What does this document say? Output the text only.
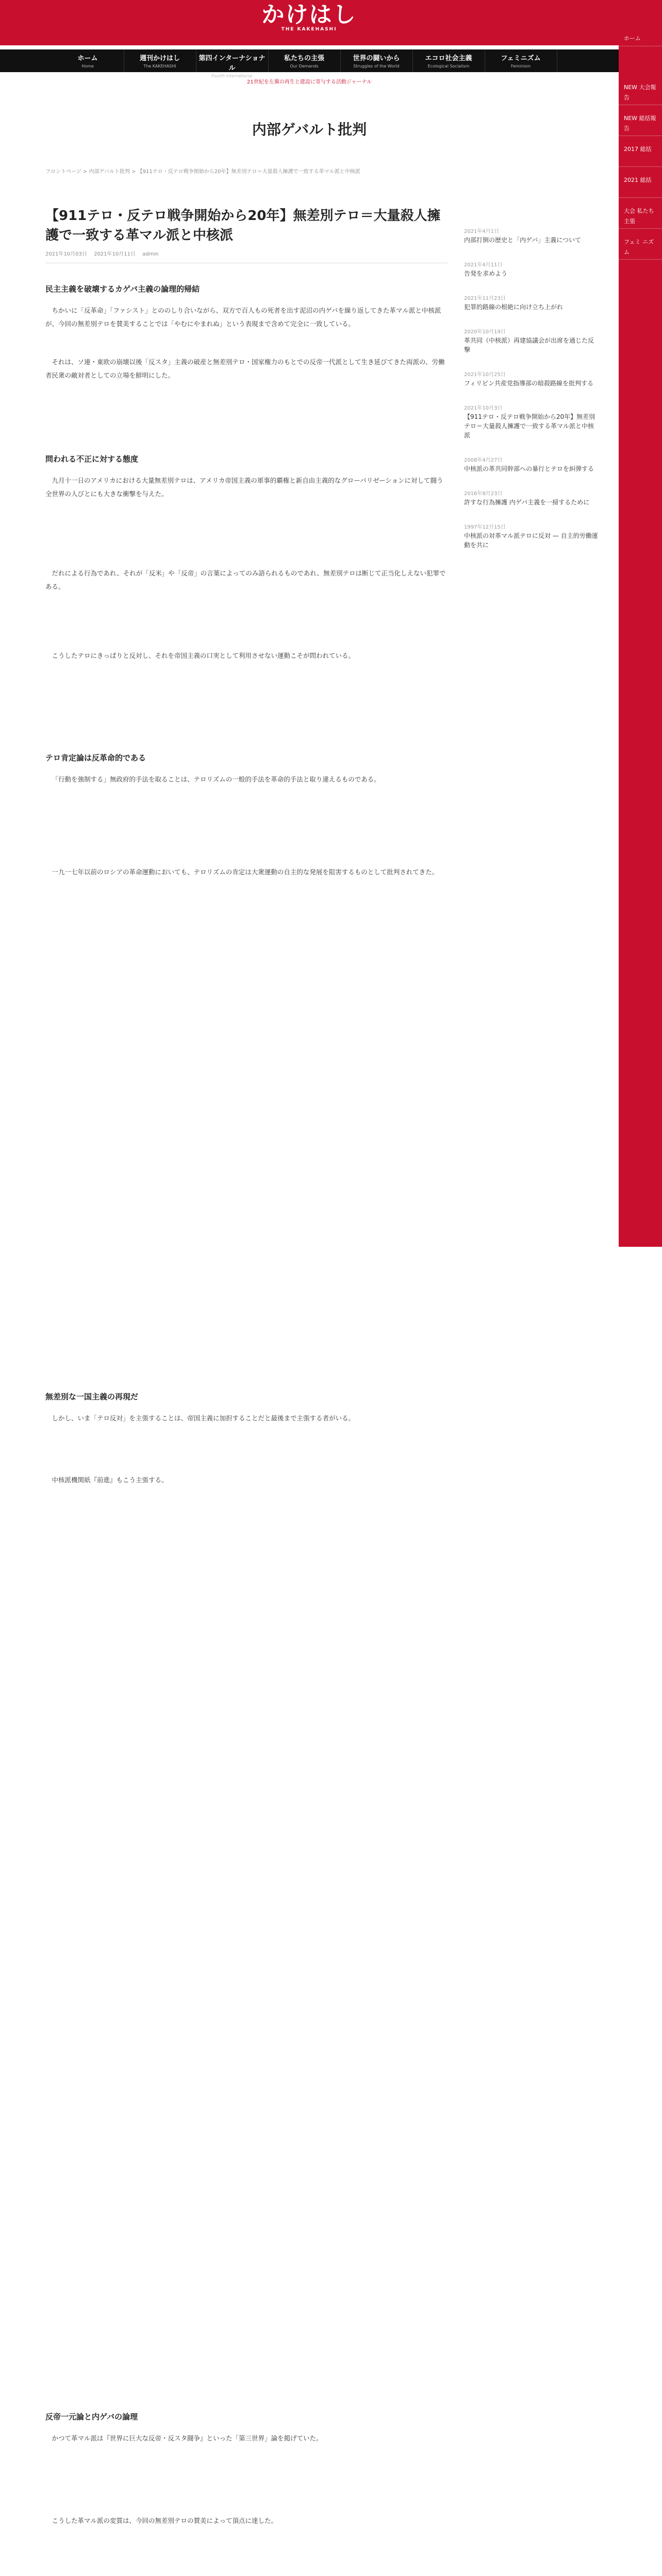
かけはし
THE KAKEHASHI
ホーム
Home
週刊かけはし
The KAKEHASHI
第四インターナショナル
Fourth International
私たちの主張
Our Demands
世界の闘いから
Struggles of the World
エコロ社会主義
Ecological Socialism
フェミニズム
Feminism
21世紀を左翼の再生と建設に寄与する活動ジャーナル
内部ゲバルト批判
フロントページ > 内部ゲバルト批判 > 【911テロ・反テロ戦争開始から20年】無差別テロ＝大量殺人擁護で一致する革マル派と中核派
ホーム
NEW 大会報告
NEW 総括報告
2017 総括
2021 総括
大会 私たち 主張
フェミ ニズム
【911テロ・反テロ戦争開始から20年】無差別テロ＝大量殺人擁護で一致する革マル派と中核派
2021年10月03日　 2021年10月11日　 admin
民主主義を破壊するカゲバ主義の論理的帰結

ちかいに「反革命」「ファシスト」とののしり合いながら、双方で百人もの死者を出す泥沼の内ゲバを繰り返してきた革マル派と中核派が、今回の無差別テロを賛美することでは「やむにやまれぬ」という表現まで含めて完全に一致している。

それは、ソ連・東欧の崩壊以後「反スタ」主義の破産と無差別テロ・国家権力のもとでの反帝一代派として生き延びてきた両派の、労働者民衆の敵対者としての立場を鮮明にした。

問われる不正に対する態度

九月十一日のアメリカにおける大量無差別テロは、アメリカ帝国主義の軍事的覇権と新自由主義的なグローバリゼーションに対して闘う全世界の人びとにも大きな衝撃を与えた。

だれによる行為であれ、それが「反米」や「反帝」の言葉によってのみ語られるものであれ、無差別テロは断じて正当化しえない犯罪である。

こうしたテロにきっぱりと反対し、それを帝国主義の口実として利用させない運動こそが問われている。

テロ肯定論は反革命的である

「行動を強制する」無政府的手法を取ることは、テロリズムの一般的手法を革命的手法と取り違えるものである。

一九一七年以前のロシアの革命運動においても、テロリズムの肯定は大衆運動の自主的な発展を阻害するものとして批判されてきた。

無差別な一国主義の再現だ

しかし、いま「テロ反対」を主張することは、帝国主義に加担することだと最後まで主張する者がいる。

中核派機関紙『前進』もこう主張する。

反帝一元論と内ゲバの論理

かつて革マル派は『世界に巨大な反帝・反スタ闘争』といった「第三世界」論を掲げていた。

こうした革マル派の変質は、今回の無差別テロの賛美によって頂点に達した。

2021年4月1日
内部打倒の歴史と「内ゲバ」主義について
2021年4月11日
告発を求めよう
2021年11月23日
犯罪的路線の根絶に向け立ち上がれ
2020年10月19日
革共同（中核派）再建協議会が出席を通じた反撃
2021年10月25日
フィリピン共産党指導部の暗殺路線を批判する
2021年10月3日
【911テロ・反テロ戦争開始から20年】無差別テロ＝大量殺人擁護で一致する革マル派と中核派
2008年4月27日
中核派の革共同幹部への暴行とテロを糾弾する
2016年8月23日
許すな行為擁護 内ゲバ主義を一掃するために
1997年12月15日
中核派の対革マル派テロに反対 — 自主的労働運動を共に
